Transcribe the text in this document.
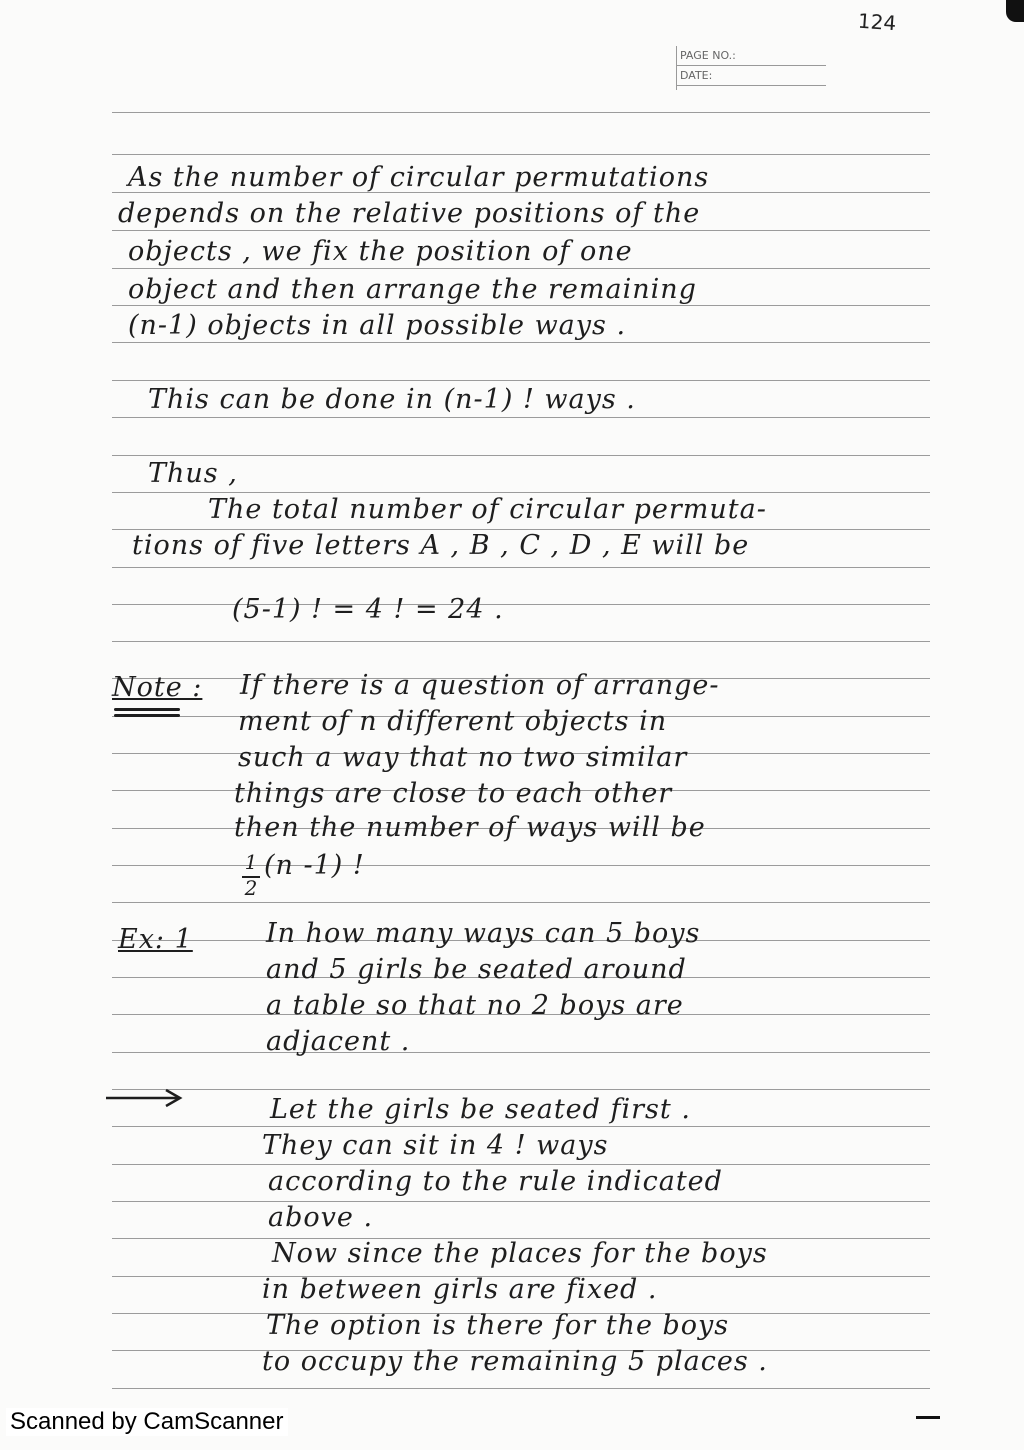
124
PAGE NO.:
DATE:
As the number of circular permutations
depends on the relative positions of the
objects , we fix the position of one
object and then arrange the remaining
(n-1) objects in all possible ways .
This can be done in (n-1) ! ways .
Thus ,
The total number of circular permuta-
tions of five letters A , B , C , D , E will be
(5-1) ! = 4 ! = 24 .
Note : If there is a question of arrange-
ment of n different objects in
such a way that no two similar
things are close to each other
then the number of ways will be
1
2
(n -1) !
Ex: 1	In how many ways can 5 boys
and 5 girls be seated around
a table so that no 2 boys are
adjacent .
Let the girls be seated first .
They can sit in 4 ! ways
according to the rule indicated
above .
Now since the places for the boys
in between girls are fixed .
The option is there for the boys
to occupy the remaining 5 places .
Scanned by CamScanner
